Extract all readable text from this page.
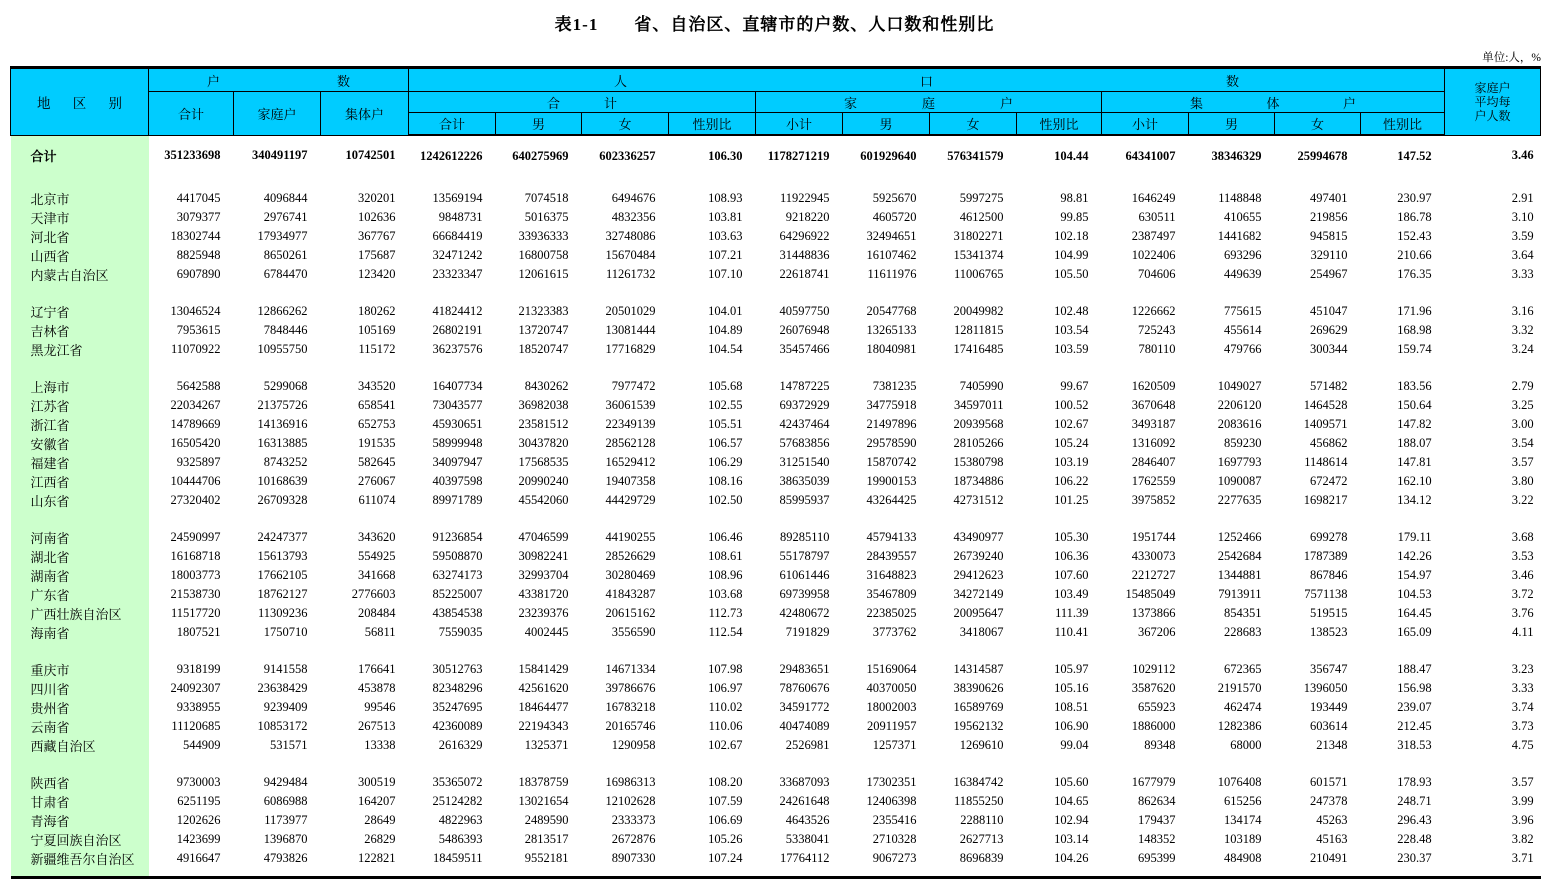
表1-1　　省、自治区、直辖市的户数、人口数和性别比
单位:人，%
地 区 别

户	数	人	口	数	家庭户
平均每
户人数

	合计	家庭户	集体户	合 计				家 庭 户				集 体 户				

				合计	男	女	性别比	小计	男	女	性别比	小计	男	女	性别比	
合计	351233698	340491197	10742501	1242612226	640275969	602336257	106.30	1178271219	601929640	576341579	104.44	64341007	38346329	25994678	147.52	3.46

北京市	4417045	4096844	320201	13569194	7074518	6494676	108.93	11922945	5925670	5997275	98.81	1646249	1148848	497401	230.97	2.91
天津市	3079377	2976741	102636	9848731	5016375	4832356	103.81	9218220	4605720	4612500	99.85	630511	410655	219856	186.78	3.10
河北省	18302744	17934977	367767	66684419	33936333	32748086	103.63	64296922	32494651	31802271	102.18	2387497	1441682	945815	152.43	3.59
山西省	8825948	8650261	175687	32471242	16800758	15670484	107.21	31448836	16107462	15341374	104.99	1022406	693296	329110	210.66	3.64
内蒙古自治区	6907890	6784470	123420	23323347	12061615	11261732	107.10	22618741	11611976	11006765	105.50	704606	449639	254967	176.35	3.33

辽宁省	13046524	12866262	180262	41824412	21323383	20501029	104.01	40597750	20547768	20049982	102.48	1226662	775615	451047	171.96	3.16
吉林省	7953615	7848446	105169	26802191	13720747	13081444	104.89	26076948	13265133	12811815	103.54	725243	455614	269629	168.98	3.32
黑龙江省	11070922	10955750	115172	36237576	18520747	17716829	104.54	35457466	18040981	17416485	103.59	780110	479766	300344	159.74	3.24

上海市	5642588	5299068	343520	16407734	8430262	7977472	105.68	14787225	7381235	7405990	99.67	1620509	1049027	571482	183.56	2.79
江苏省	22034267	21375726	658541	73043577	36982038	36061539	102.55	69372929	34775918	34597011	100.52	3670648	2206120	1464528	150.64	3.25
浙江省	14789669	14136916	652753	45930651	23581512	22349139	105.51	42437464	21497896	20939568	102.67	3493187	2083616	1409571	147.82	3.00
安徽省	16505420	16313885	191535	58999948	30437820	28562128	106.57	57683856	29578590	28105266	105.24	1316092	859230	456862	188.07	3.54
福建省	9325897	8743252	582645	34097947	17568535	16529412	106.29	31251540	15870742	15380798	103.19	2846407	1697793	1148614	147.81	3.57
江西省	10444706	10168639	276067	40397598	20990240	19407358	108.16	38635039	19900153	18734886	106.22	1762559	1090087	672472	162.10	3.80
山东省	27320402	26709328	611074	89971789	45542060	44429729	102.50	85995937	43264425	42731512	101.25	3975852	2277635	1698217	134.12	3.22

河南省	24590997	24247377	343620	91236854	47046599	44190255	106.46	89285110	45794133	43490977	105.30	1951744	1252466	699278	179.11	3.68
湖北省	16168718	15613793	554925	59508870	30982241	28526629	108.61	55178797	28439557	26739240	106.36	4330073	2542684	1787389	142.26	3.53
湖南省	18003773	17662105	341668	63274173	32993704	30280469	108.96	61061446	31648823	29412623	107.60	2212727	1344881	867846	154.97	3.46
广东省	21538730	18762127	2776603	85225007	43381720	41843287	103.68	69739958	35467809	34272149	103.49	15485049	7913911	7571138	104.53	3.72
广西壮族自治区	11517720	11309236	208484	43854538	23239376	20615162	112.73	42480672	22385025	20095647	111.39	1373866	854351	519515	164.45	3.76
海南省	1807521	1750710	56811	7559035	4002445	3556590	112.54	7191829	3773762	3418067	110.41	367206	228683	138523	165.09	4.11

重庆市	9318199	9141558	176641	30512763	15841429	14671334	107.98	29483651	15169064	14314587	105.97	1029112	672365	356747	188.47	3.23
四川省	24092307	23638429	453878	82348296	42561620	39786676	106.97	78760676	40370050	38390626	105.16	3587620	2191570	1396050	156.98	3.33
贵州省	9338955	9239409	99546	35247695	18464477	16783218	110.02	34591772	18002003	16589769	108.51	655923	462474	193449	239.07	3.74
云南省	11120685	10853172	267513	42360089	22194343	20165746	110.06	40474089	20911957	19562132	106.90	1886000	1282386	603614	212.45	3.73
西藏自治区	544909	531571	13338	2616329	1325371	1290958	102.67	2526981	1257371	1269610	99.04	89348	68000	21348	318.53	4.75

陕西省	9730003	9429484	300519	35365072	18378759	16986313	108.20	33687093	17302351	16384742	105.60	1677979	1076408	601571	178.93	3.57
甘肃省	6251195	6086988	164207	25124282	13021654	12102628	107.59	24261648	12406398	11855250	104.65	862634	615256	247378	248.71	3.99
青海省	1202626	1173977	28649	4822963	2489590	2333373	106.69	4643526	2355416	2288110	102.94	179437	134174	45263	296.43	3.96
宁夏回族自治区	1423699	1396870	26829	5486393	2813517	2672876	105.26	5338041	2710328	2627713	103.14	148352	103189	45163	228.48	3.82
新疆维吾尔自治区	4916647	4793826	122821	18459511	9552181	8907330	107.24	17764112	9067273	8696839	104.26	695399	484908	210491	230.37	3.71
